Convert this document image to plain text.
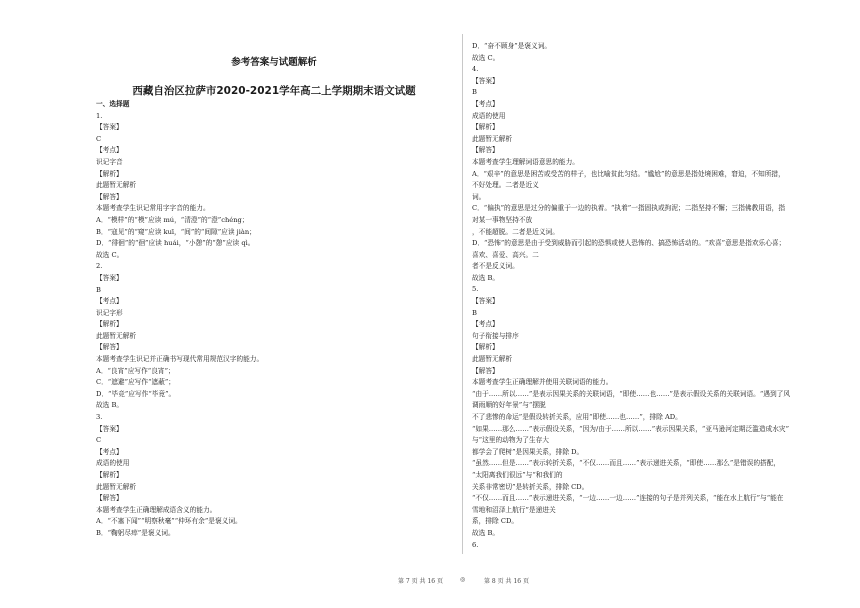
参考答案与试题解析
西藏自治区拉萨市2020-2021学年高二上学期期末语文试题
一、选择题
1.
【答案】
C
【考点】
识记字音
【解析】
此题暂无解析
【解答】
本题考查学生识记常用字字音的能力。
A．“模样”的“模”应读 mú，“清澄”的“澄”chéng；
B．“寇见”的“窥”应读 kuī，“间”的“间隙”应读 jiàn；
D．“徘徊”的“徊”应读 huái，“小憩”的“憩”应读 qì。
故选 C。
2.
【答案】
B
【考点】
识记字形
【解析】
此题暂无解析
【解答】
本题考查学生识记并正确书写现代常用规范汉字的能力。
A．“良宵”应写作“良宵”；
C．“遮避”应写作“遮蔽”；
D．“毕竞”应写作“毕竟”。
故选 B。
3.
【答案】
C
【考点】
成语的使用
【解析】
此题暂无解析
【解答】
本题考查学生正确理解成语含义的能力。
A．“不塞下闻”“明察秋毫”“仲环有余”是褒义词。
B．“鞠躬尽瘁”是褒义词。
D．“奋不顾身”是褒义词。
故选 C。
4.
【答案】
B
【考点】
成语的使用
【解析】
此题暂无解析
【解答】
本题考查学生理解词语意思的能力。
A．“艰辛”的意思是困苦或受苦的样子，也比喻贫此匀结。“尴尬”的意思是指处境困难，窘迫，不知所措，
不好处理。二者是近义
词。
C．“偏执”的意思是过分的偏重于一边的执着。“执着”一指固执或拘泥；二指坚持不懈；三指佛教用语，指
对某一事物坚持不放
，不能超脱。二者是近义词。
D．“恐怖”的意思是由于受到威胁而引起的恐惧或使人恐怖的、搞恐怖活动的。“欢喜”意思是指欢乐心喜；
喜欢、喜爱、高兴。二
者不是反义词。
故选 B。
5.
【答案】
B
【考点】
句子衔接与排序
【解析】
此题暂无解析
【解答】
本题考查学生正确理解并使用关联词语的能力。
“由于……所以……”是表示因果关系的关联词语，“即使……也……”是表示假设关系的关联词语。“遇到了风
调雨顺的好年景”与“摆脱
不了悲惨的命运”是假设转折关系，应用“即使……也……”，排除 AD。
“如果……那么……”表示假设关系，“因为/由于……所以……”表示因果关系，“亚马逊河定期泛滥造成水灾”
与“这里的动物为了生存大
都学会了爬树”是因果关系，排除 D。
“虽然……但是……”表示转折关系，“不仅……而且……”表示递进关系，“即使……那么”是错误的搭配，
“太阳离我们很远”与“和我们的
关系非常密切”是转折关系，排除 CD。
“不仅……而且……”表示递进关系，“一边……一边……”连接的句子是并列关系，“能在水上航行”与“能在
雪地和沼泽上航行”是递进关
系，排除 CD。
故选 B。
6.
第 7 页 共 16 页	◎	第 8 页 共 16 页
